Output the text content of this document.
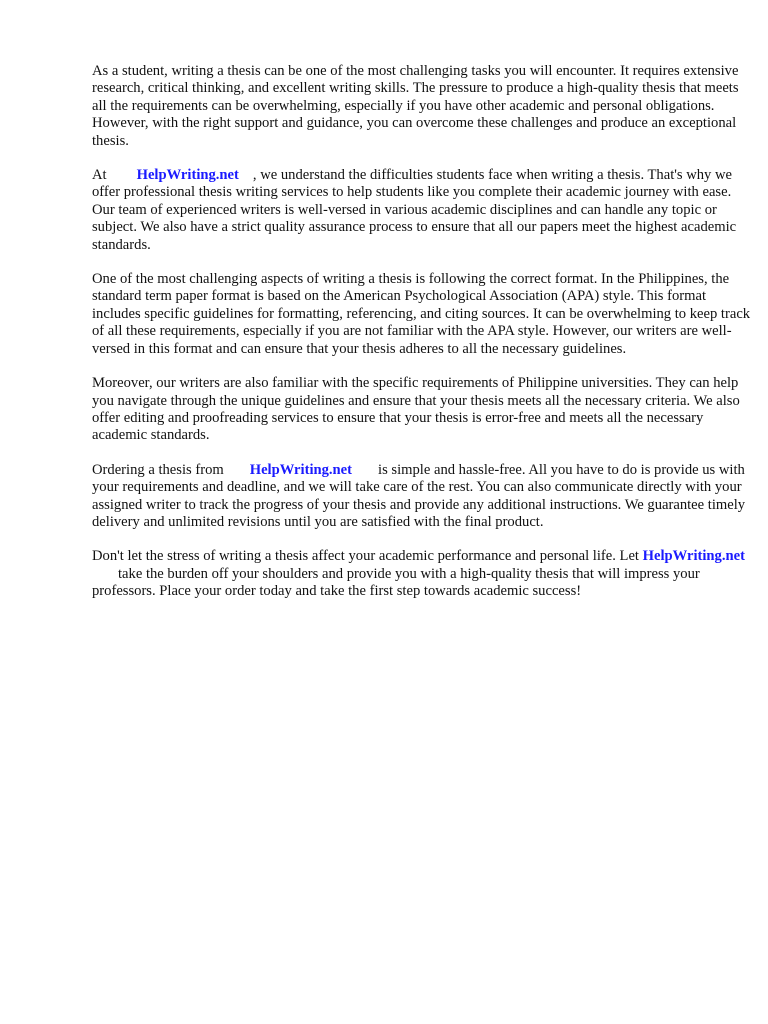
As a student, writing a thesis can be one of the most challenging tasks you will encounter. It requires extensive research, critical thinking, and excellent writing skills. The pressure to produce a high-quality thesis that meets all the requirements can be overwhelming, especially if you have other academic and personal obligations. However, with the right support and guidance, you can overcome these challenges and produce an exceptional thesis.

At HelpWriting.net , we understand the difficulties students face when writing a thesis. That's why we offer professional thesis writing services to help students like you complete their academic journey with ease. Our team of experienced writers is well-versed in various academic disciplines and can handle any topic or subject. We also have a strict quality assurance process to ensure that all our papers meet the highest academic standards.

One of the most challenging aspects of writing a thesis is following the correct format. In the Philippines, the standard term paper format is based on the American Psychological Association (APA) style. This format includes specific guidelines for formatting, referencing, and citing sources. It can be overwhelming to keep track of all these requirements, especially if you are not familiar with the APA style. However, our writers are well-versed in this format and can ensure that your thesis adheres to all the necessary guidelines.

Moreover, our writers are also familiar with the specific requirements of Philippine universities. They can help you navigate through the unique guidelines and ensure that your thesis meets all the necessary criteria. We also offer editing and proofreading services to ensure that your thesis is error-free and meets all the necessary academic standards.

Ordering a thesis from HelpWriting.net is simple and hassle-free. All you have to do is provide us with your requirements and deadline, and we will take care of the rest. You can also communicate directly with your assigned writer to track the progress of your thesis and provide any additional instructions. We guarantee timely delivery and unlimited revisions until you are satisfied with the final product.

Don't let the stress of writing a thesis affect your academic performance and personal life. Let HelpWriting.nettake the burden off your shoulders and provide you with a high-quality thesis that will impress your professors. Place your order today and take the first step towards academic success!
